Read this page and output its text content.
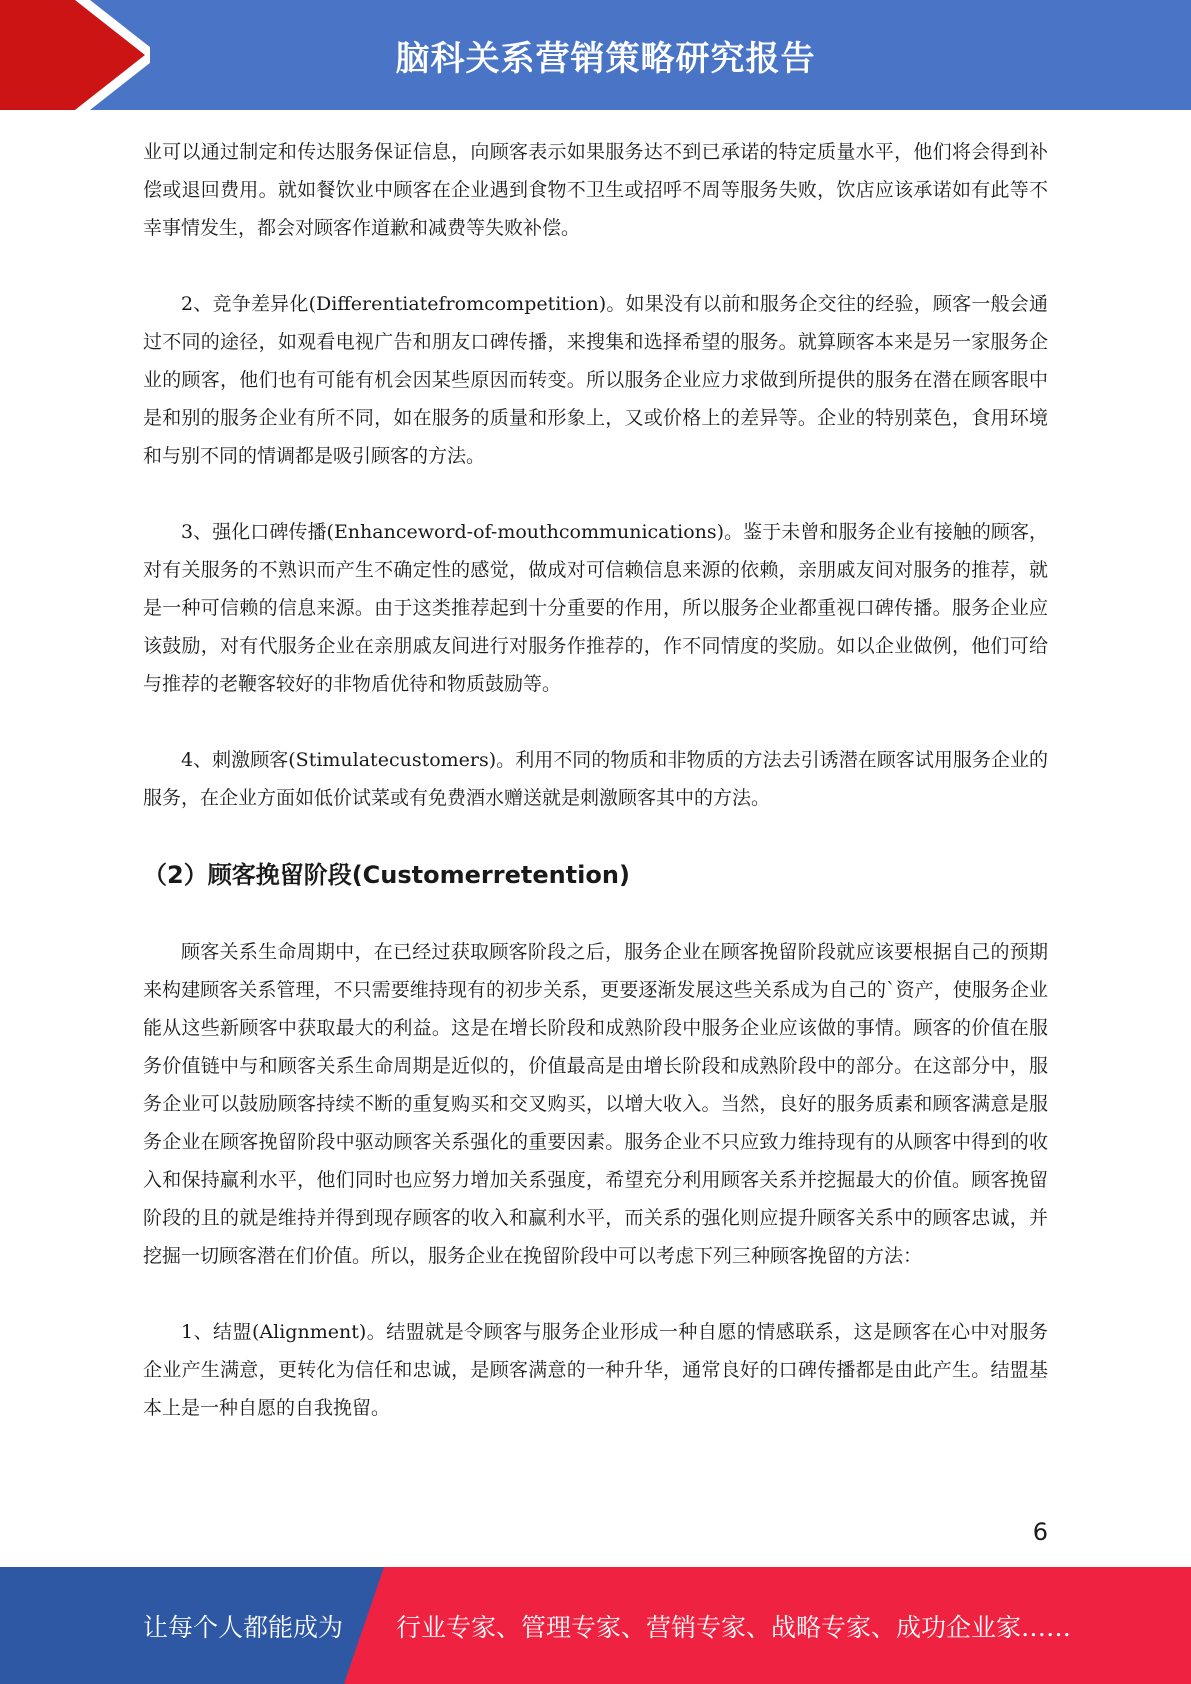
脑科关系营销策略研究报告

业可以通过制定和传达服务保证信息，向顾客表示如果服务达不到已承诺的特定质量水平，他们将会得到补偿或退回费用。就如餐饮业中顾客在企业遇到食物不卫生或招呼不周等服务失败，饮店应该承诺如有此等不幸事情发生，都会对顾客作道歉和减费等失败补偿。

2、竞争差异化(Differentiatefromcompetition)。如果没有以前和服务企交往的经验，顾客一般会通过不同的途径，如观看电视广告和朋友口碑传播，来搜集和选择希望的服务。就算顾客本来是另一家服务企业的顾客，他们也有可能有机会因某些原因而转变。所以服务企业应力求做到所提供的服务在潜在顾客眼中是和别的服务企业有所不同，如在服务的质量和形象上，又或价格上的差异等。企业的特别菜色，食用环境和与别不同的情调都是吸引顾客的方法。

3、强化口碑传播(Enhanceword-of-mouthcommunications)。鉴于未曾和服务企业有接触的顾客，对有关服务的不熟识而产生不确定性的感觉，做成对可信赖信息来源的依赖，亲朋戚友间对服务的推荐，就是一种可信赖的信息来源。由于这类推荐起到十分重要的作用，所以服务企业都重视口碑传播。服务企业应该鼓励，对有代服务企业在亲朋戚友间进行对服务作推荐的，作不同情度的奖励。如以企业做例，他们可给与推荐的老鞭客较好的非物盾优待和物质鼓励等。

4、刺激顾客(Stimulatecustomers)。利用不同的物质和非物质的方法去引诱潜在顾客试用服务企业的服务，在企业方面如低价试菜或有免费酒水赠送就是刺激顾客其中的方法。

（2）顾客挽留阶段(Customerretention)

顾客关系生命周期中，在已经过获取顾客阶段之后，服务企业在顾客挽留阶段就应该要根据自己的预期来构建顾客关系管理，不只需要维持现有的初步关系，更要逐渐发展这些关系成为自己的`资产，使服务企业能从这些新顾客中获取最大的利益。这是在增长阶段和成熟阶段中服务企业应该做的事情。顾客的价值在服务价值链中与和顾客关系生命周期是近似的，价值最高是由增长阶段和成熟阶段中的部分。在这部分中，服务企业可以鼓励顾客持续不断的重复购买和交叉购买，以增大收入。当然，良好的服务质素和顾客满意是服务企业在顾客挽留阶段中驱动顾客关系强化的重要因素。服务企业不只应致力维持现有的从顾客中得到的收入和保持赢利水平，他们同时也应努力增加关系强度，希望充分利用顾客关系并挖掘最大的价值。顾客挽留阶段的且的就是维持并得到现存顾客的收入和赢利水平，而关系的强化则应提升顾客关系中的顾客忠诚，并挖掘一切顾客潜在们价值。所以，服务企业在挽留阶段中可以考虑下列三种顾客挽留的方法：

1、结盟(Alignment)。结盟就是令顾客与服务企业形成一种自愿的情感联系，这是顾客在心中对服务企业产生满意，更转化为信任和忠诚，是顾客满意的一种升华，通常良好的口碑传播都是由此产生。结盟基本上是一种自愿的自我挽留。

6
让每个人都能成为 行业专家、管理专家、营销专家、战略专家、成功企业家……
